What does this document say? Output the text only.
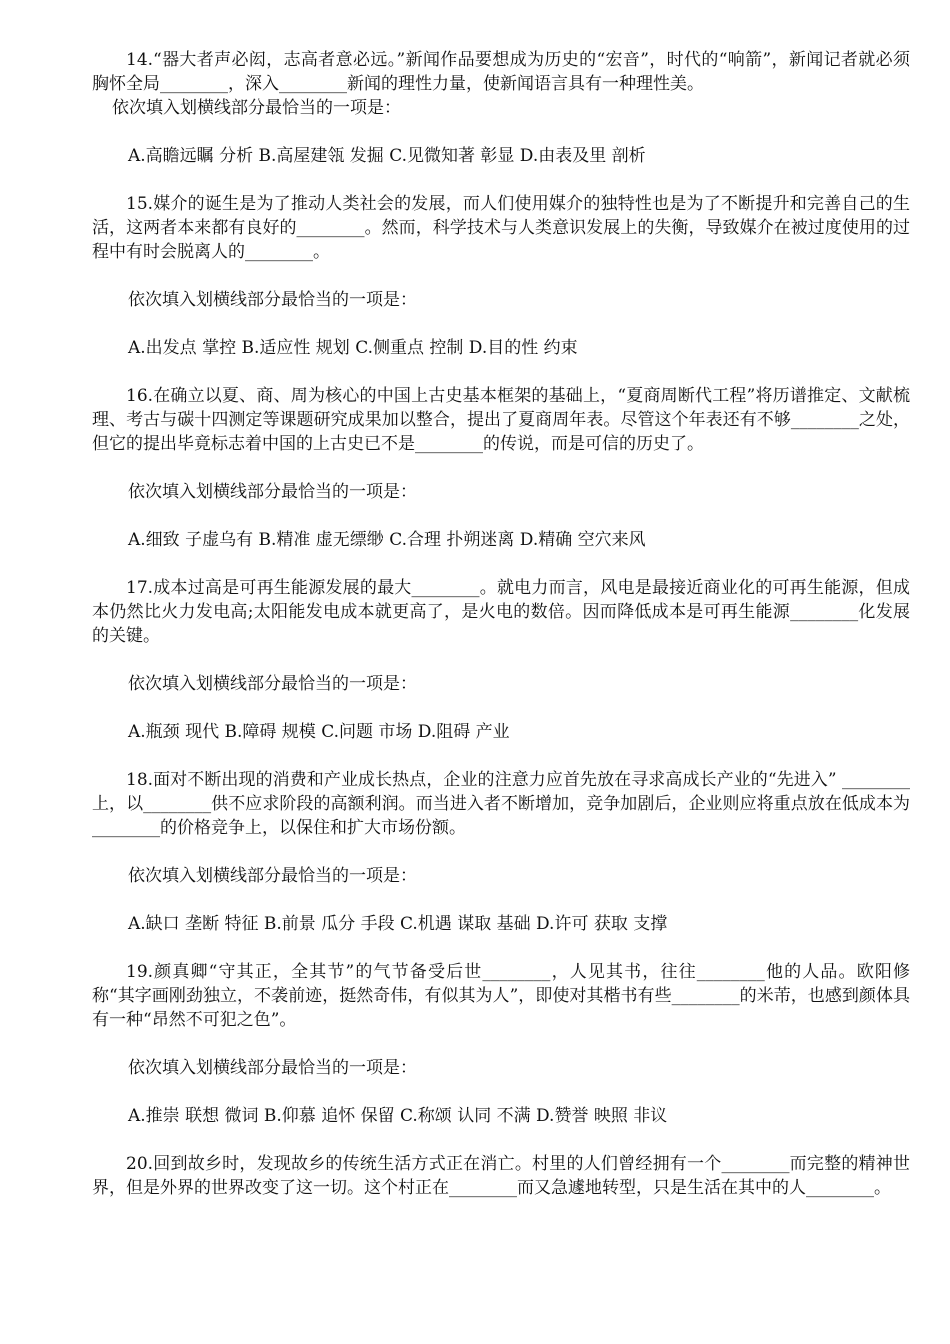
14.“器大者声必闳，志高者意必远。”新闻作品要想成为历史的“宏音”，时代的“响箭”，新闻记者就必须胸怀全局________，深入________新闻的理性力量，使新闻语言具有一种理性美。

依次填入划横线部分最恰当的一项是：

A.高瞻远瞩 分析 B.高屋建瓴 发掘 C.见微知著 彰显 D.由表及里 剖析

15.媒介的诞生是为了推动人类社会的发展，而人们使用媒介的独特性也是为了不断提升和完善自己的生活，这两者本来都有良好的________。然而，科学技术与人类意识发展上的失衡，导致媒介在被过度使用的过程中有时会脱离人的________。

依次填入划横线部分最恰当的一项是：

A.出发点 掌控 B.适应性 规划 C.侧重点 控制 D.目的性 约束

16.在确立以夏、商、周为核心的中国上古史基本框架的基础上，“夏商周断代工程”将历谱推定、文献梳理、考古与碳十四测定等课题研究成果加以整合，提出了夏商周年表。尽管这个年表还有不够________之处，但它的提出毕竟标志着中国的上古史已不是________的传说，而是可信的历史了。

依次填入划横线部分最恰当的一项是：

A.细致 子虚乌有 B.精准 虚无缥缈 C.合理 扑朔迷离 D.精确 空穴来风

17.成本过高是可再生能源发展的最大________。就电力而言，风电是最接近商业化的可再生能源，但成本仍然比火力发电高;太阳能发电成本就更高了，是火电的数倍。因而降低成本是可再生能源________化发展的关键。

依次填入划横线部分最恰当的一项是：

A.瓶颈 现代 B.障碍 规模 C.问题 市场 D.阻碍 产业

18.面对不断出现的消费和产业成长热点，企业的注意力应首先放在寻求高成长产业的“先进入” ________上，以________供不应求阶段的高额利润。而当进入者不断增加，竞争加剧后，企业则应将重点放在低成本为________的价格竞争上，以保住和扩大市场份额。

依次填入划横线部分最恰当的一项是：

A.缺口 垄断 特征 B.前景 瓜分 手段 C.机遇 谋取 基础 D.许可 获取 支撑

19.颜真卿“守其正，全其节”的气节备受后世________，人见其书，往往________他的人品。欧阳修称“其字画刚劲独立，不袭前迹，挺然奇伟，有似其为人”，即使对其楷书有些________的米芾，也感到颜体具有一种“昂然不可犯之色”。

依次填入划横线部分最恰当的一项是：

A.推崇 联想 微词 B.仰慕 追怀 保留 C.称颂 认同 不满 D.赞誉 映照 非议

20.回到故乡时，发现故乡的传统生活方式正在消亡。村里的人们曾经拥有一个________而完整的精神世界，但是外界的世界改变了这一切。这个村正在________而又急遽地转型，只是生活在其中的人________。
